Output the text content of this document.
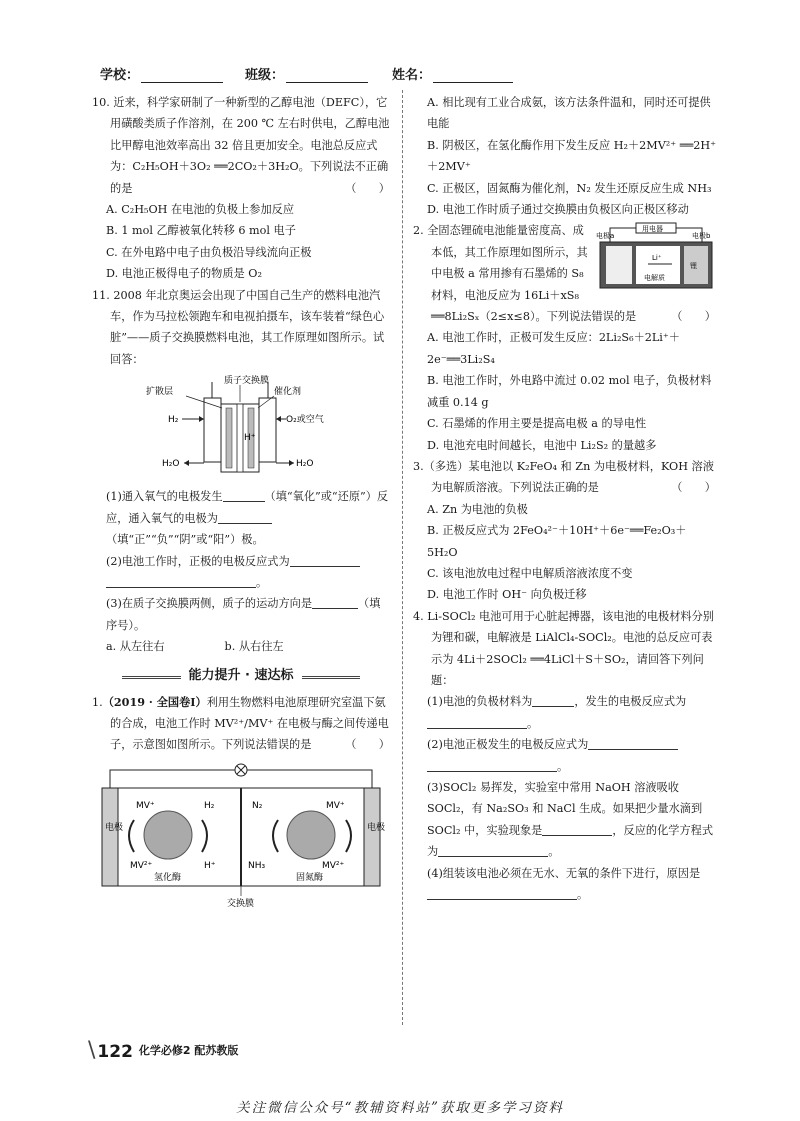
学校：	班级：	姓名：

10. 近来，科学家研制了一种新型的乙醇电池（DEFC），它用磺酸类质子作溶剂，在 200 ℃ 左右时供电，乙醇电池比甲醇电池效率高出 32 倍且更加安全。电池总反应式为：C₂H₅OH＋3O₂ ══2CO₂＋3H₂O。下列说法不正确的是	（　　）

A. C₂H₅OH 在电池的负极上参加反应

B. 1 mol 乙醇被氧化转移 6 mol 电子

C. 在外电路中电子由负极沿导线流向正极

D. 电池正极得电子的物质是 O₂

11. 2008 年北京奥运会出现了中国自己生产的燃料电池汽车，作为马拉松领跑车和电视拍摄车，该车装着“绿色心脏”——质子交换膜燃料电池，其工作原理如图所示。试回答：

质子交换膜
扩散层	催化剂
H₂
H⁺
O₂或空气
H₂O	H₂O

(1)通入氧气的电极发生	（填“氧化”或“还原”）反应，通入氧气的电极为（填“正”“负”“阴”或“阳”）极。

(2)电池工作时，正极的电极反应式为

。

(3)在质子交换膜两侧，质子的运动方向是	（填序号）。

a. 从左往右	b. 从右往左

能力提升 · 速达标

1.（2019 · 全国卷Ⅰ）利用生物燃料电池原理研究室温下氨的合成，电池工作时 MV²⁺/MV⁺ 在电极与酶之间传递电子，示意图如图所示。下列说法错误的是	（　　）

电极	电极
MV⁺
MV²⁺
H₂
H⁺
氢化酶
N₂
NH₃
MV⁺
MV²⁺
固氮酶
交换膜

A. 相比现有工业合成氨，该方法条件温和，同时还可提供电能

B. 阴极区，在氢化酶作用下发生反应 H₂＋2MV²⁺ ══2H⁺＋2MV⁺

C. 正极区，固氮酶为催化剂，N₂ 发生还原反应生成 NH₃

D. 电池工作时质子通过交换膜由负极区向正极区移动

用电器
电极a	电极b
Li⁺
电解质
锂

2. 全固态锂硫电池能量密度高、成本低，其工作原理如图所示，其中电极 a 常用掺有石墨烯的 S₈ 材料，电池反应为 16Li＋xS₈ ══8Li₂Sₓ（2≤x≤8）。下列说法错误的是	（　　）

A. 电池工作时，正极可发生反应：2Li₂S₆＋2Li⁺＋2e⁻══3Li₂S₄

B. 电池工作时，外电路中流过 0.02 mol 电子，负极材料减重 0.14 g

C. 石墨烯的作用主要是提高电极 a 的导电性

D. 电池充电时间越长，电池中 Li₂S₂ 的量越多

3.（多选）某电池以 K₂FeO₄ 和 Zn 为电极材料，KOH 溶液为电解质溶液。下列说法正确的是	（　　）

A. Zn 为电池的负极

B. 正极反应式为 2FeO₄²⁻＋10H⁺＋6e⁻══Fe₂O₃＋5H₂O

C. 该电池放电过程中电解质溶液浓度不变

D. 电池工作时 OH⁻ 向负极迁移

4. Li-SOCl₂ 电池可用于心脏起搏器，该电池的电极材料分别为锂和碳，电解液是 LiAlCl₄-SOCl₂。电池的总反应可表示为 4Li＋2SOCl₂ ══4LiCl＋S＋SO₂，请回答下列问题：

(1)电池的负极材料为	，发生的电极反应式为。

(2)电池正极发生的电极反应式为

。

(3)SOCl₂ 易挥发，实验室中常用 NaOH 溶液吸收 SOCl₂，有 Na₂SO₃ 和 NaCl 生成。如果把少量水滴到 SOCl₂ 中，实验现象是	，反应的化学方程式为	。

(4)组装该电池必须在无水、无氧的条件下进行，原因是。

\ 122 化学必修2 配苏教版
关注微信公众号“教辅资料站”获取更多学习资料
